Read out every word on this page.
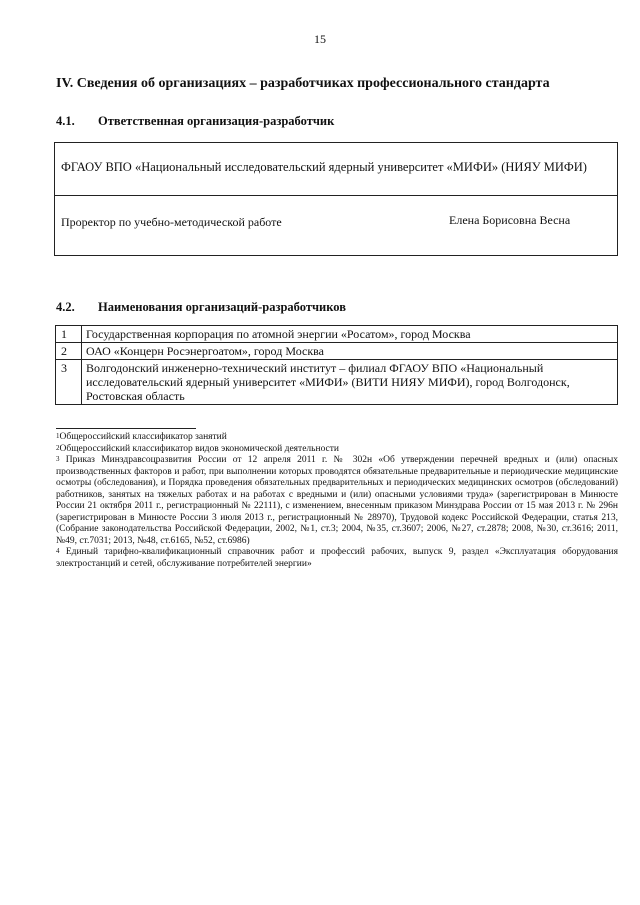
15
IV. Сведения об организациях – разработчиках профессионального стандарта
4.1. Ответственная организация-разработчик
ФГАОУ ВПО «Национальный исследовательский ядерный университет «МИФИ» (НИЯУ МИФИ)
Проректор по учебно-методической работе	Елена Борисовна Весна
4.2. Наименования организаций-разработчиков
1	Государственная корпорация по атомной энергии «Росатом», город Москва
2	ОАО «Концерн Росэнергоатом», город Москва
3	Волгодонский инженерно-технический институт – филиал ФГАОУ ВПО «Национальный исследовательский ядерный университет «МИФИ» (ВИТИ НИЯУ МИФИ), город Волгодонск, Ростовская область

$^1$Общероссийский классификатор занятий

$^2$Общероссийский классификатор видов экономической деятельности

$^3$ Приказ Минздравсоцразвития России от 12 апреля 2011 г. № 302н «Об утверждении перечней вредных и (или) опасных производственных факторов и работ, при выполнении которых проводятся обязательные предварительные и периодические медицинские осмотры (обследования), и Порядка проведения обязательных предварительных и периодических медицинских осмотров (обследований) работников, занятых на тяжелых работах и на работах с вредными и (или) опасными условиями труда» (зарегистрирован в Минюсте России 21 октября 2011 г., регистрационный № 22111), с изменением, внесенным приказом Минздрава России от 15 мая 2013 г. № 296н (зарегистрирован в Минюсте России 3 июля 2013 г., регистрационный № 28970), Трудовой кодекс Российской Федерации, статья 213, (Собрание законодательства Российской Федерации, 2002, №1, ст.3; 2004, №35, ст.3607; 2006, №27, ст.2878; 2008, №30, ст.3616; 2011, №49, ст.7031; 2013, №48, ст.6165, №52, ст.6986)

$^4$ Единый тарифно-квалификационный справочник работ и профессий рабочих, выпуск 9, раздел «Эксплуатация оборудования электростанций и сетей, обслуживание потребителей энергии»
